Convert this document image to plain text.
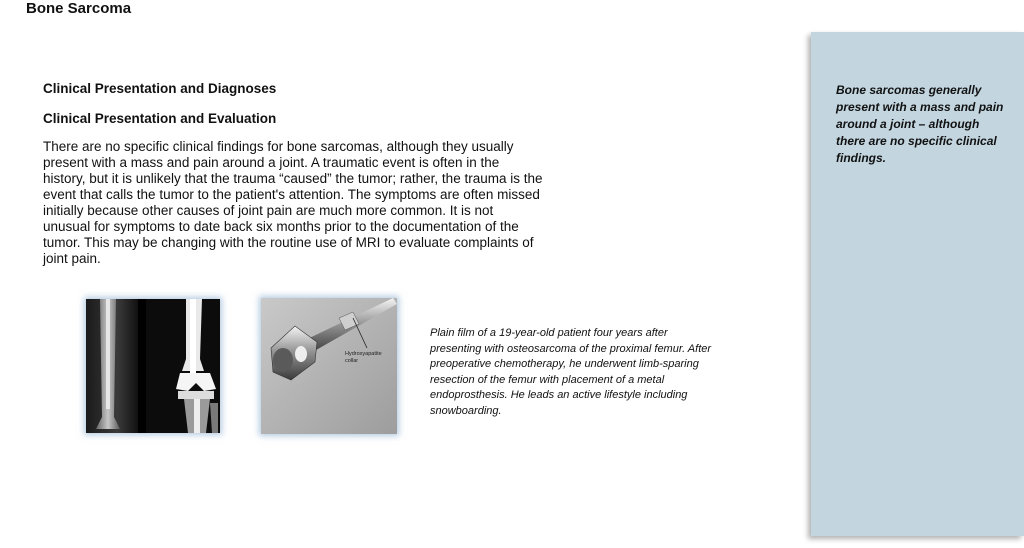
Bone Sarcoma
Clinical Presentation and Diagnoses
Clinical Presentation and Evaluation

There are no specific clinical findings for bone sarcomas, although they usually present with a mass and pain around a joint. A traumatic event is often in the history, but it is unlikely that the trauma “caused” the tumor; rather, the trauma is the event that calls the tumor to the patient's attention. The symptoms are often missed initially because other causes of joint pain are much more common. It is not unusual for symptoms to date back six months prior to the documentation of the tumor. This may be changing with the routine use of MRI to evaluate complaints of joint pain.

Hydroxyapatite
collar
Plain film of a 19-year-old patient four years after presenting with osteosarcoma of the proximal femur. After preoperative chemotherapy, he underwent limb-sparing resection of the femur with placement of a metal endoprosthesis. He leads an active lifestyle including snowboarding.
Bone sarcomas generally present with a mass and pain around a joint – although there are no specific clinical findings.
